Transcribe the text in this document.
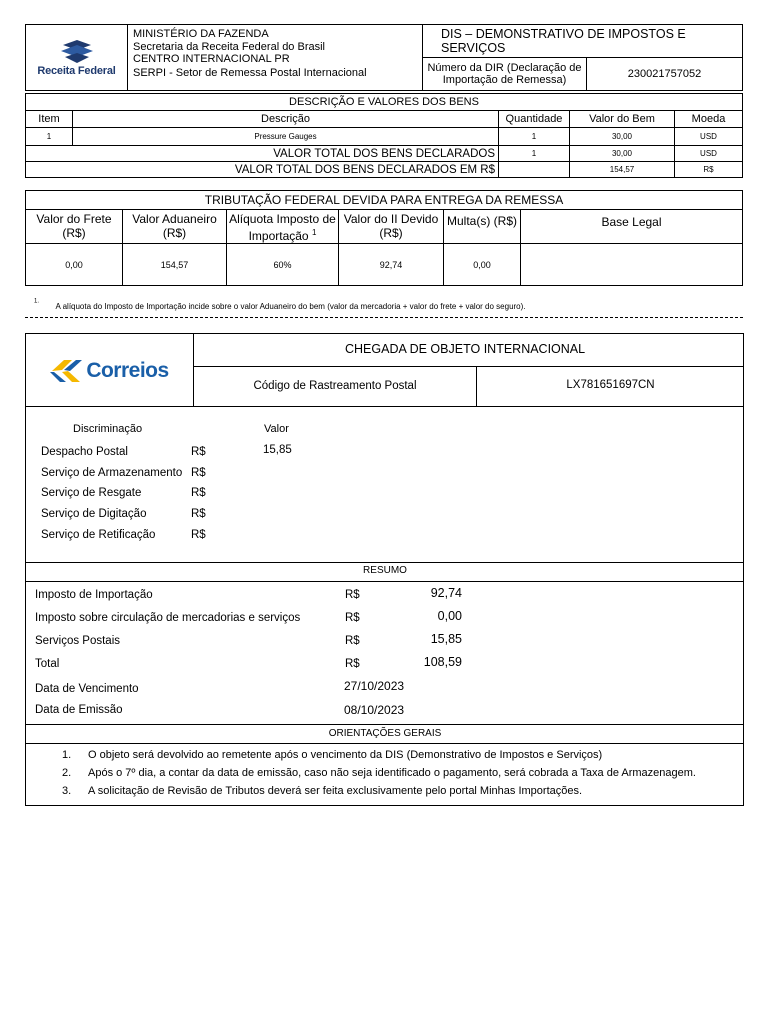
Receita Federal	MINISTÉRIO DA FAZENDA
Secretaria da Receita Federal do Brasil
CENTRO INTERNACIONAL PR
SERPI - Setor de Remessa Postal Internacional	DIS – DEMONSTRATIVO DE IMPOSTOS E SERVIÇOS	
		Número da DIR (Declaração de Importação de Remessa)	230021757052
DESCRIÇÃO E VALORES DOS BENS				
Item	Descrição	Quantidade	Valor do Bem	Moeda
1	Pressure Gauges	1	30,00	USD
VALOR TOTAL DOS BENS DECLARADOS		1	30,00	USD
VALOR TOTAL DOS BENS DECLARADOS EM R$			154,57	R$
TRIBUTAÇÃO FEDERAL DEVIDA PARA ENTREGA DA REMESSA					
Valor do Frete (R$)	Valor Aduaneiro (R$)	Alíquota Imposto de Importação $^1$	Valor do II Devido (R$)	Multa(s) (R$)	Base Legal
0,00	154,57	60%	92,74	0,00	
$^{1.}$ A alíquota do Imposto de Importação incide sobre o valor Aduaneiro do bem (valor da mercadoria + valor do frete + valor do seguro).
Correios
CHEGADA DE OBJETO INTERNACIONAL
Código de Rastreamento Postal	LX781651697CN
Discriminação	Valor
Despacho Postal	R$	15,85
Serviço de Armazenamento R$
Serviço de Resgate	R$
Serviço de Digitação	R$
Serviço de Retificação	R$
RESUMO
Imposto de Importação	R$	92,74
Imposto sobre circulação de mercadorias e serviços	R$	0,00
Serviços Postais	R$	15,85
Total	R$	108,59
Data de Vencimento	27/10/2023
Data de Emissão	08/10/2023
ORIENTAÇÕES GERAIS
1. O objeto será devolvido ao remetente após o vencimento da DIS (Demonstrativo de Impostos e Serviços)
2. Após o 7º dia, a contar da data de emissão, caso não seja identificado o pagamento, será cobrada a Taxa de Armazenagem.
3. A solicitação de Revisão de Tributos deverá ser feita exclusivamente pelo portal Minhas Importações.
